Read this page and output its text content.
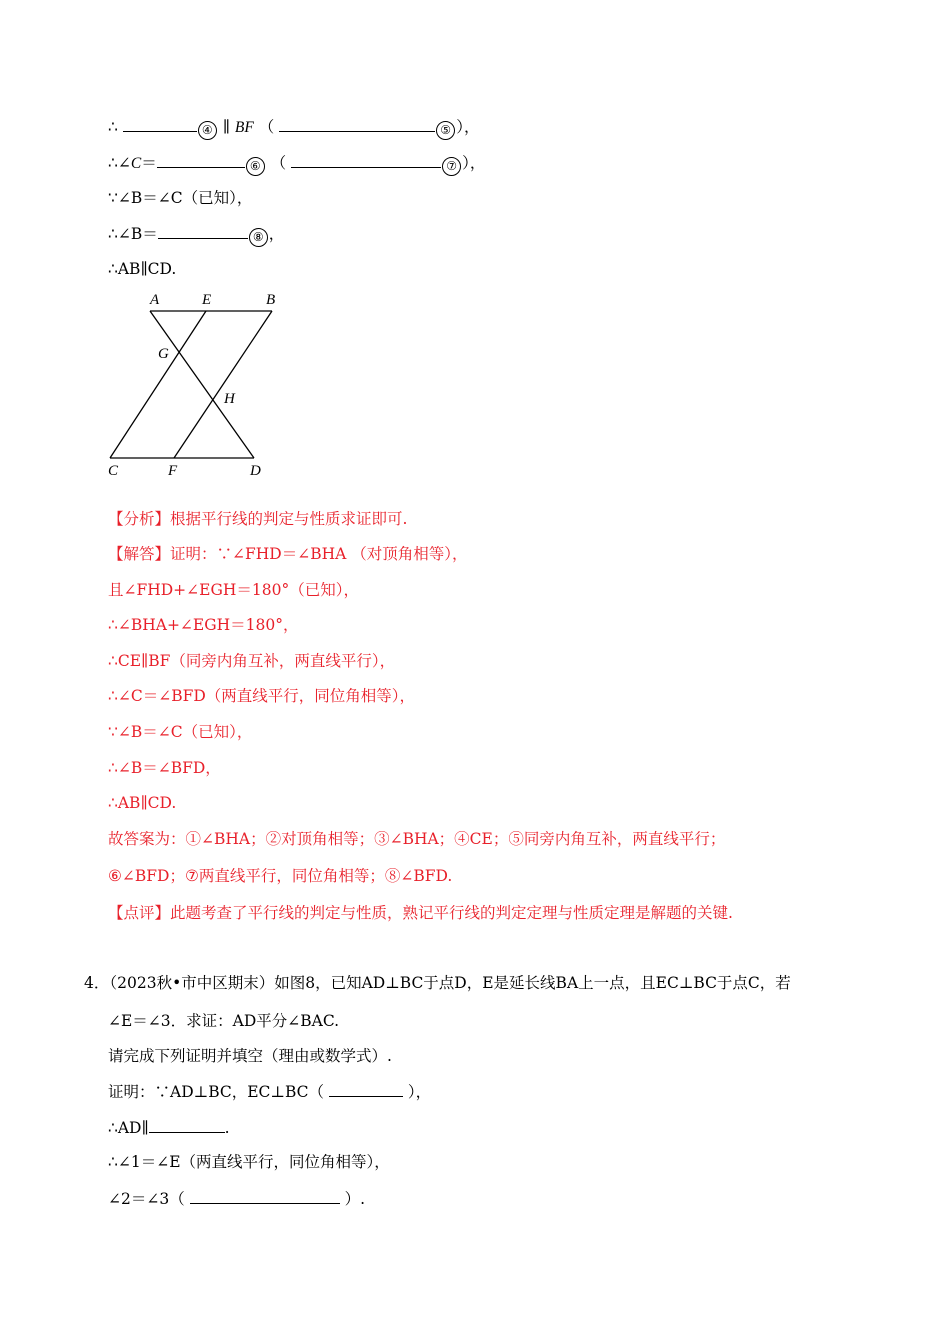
∴	④ ∥ BF （	⑤ ），
∴∠C＝	⑥ （	⑦ ），
∵∠B＝∠C（已知），
∴∠B＝	⑧ ，
∴AB∥CD.
A	E	B
G
H
C	F	D
【分析】根据平行线的判定与性质求证即可.
【解答】证明：∵∠FHD＝∠BHA （对顶角相等），
且∠FHD+∠EGH＝180°（已知），
∴∠BHA+∠EGH＝180°，
∴CE∥BF（同旁内角互补，两直线平行），
∴∠C＝∠BFD（两直线平行，同位角相等），
∵∠B＝∠C（已知），
∴∠B＝∠BFD，
∴AB∥CD.
故答案为：①∠BHA；②对顶角相等；③∠BHA；④CE；⑤同旁内角互补，两直线平行；
⑥∠BFD；⑦两直线平行，同位角相等；⑧∠BFD.
【点评】此题考查了平行线的判定与性质，熟记平行线的判定定理与性质定理是解题的关键.
4．（2023秋•市中区期末）如图8，已知AD⊥BC于点D，E是延长线BA上一点，且EC⊥BC于点C，若
∠E＝∠3．求证：AD平分∠BAC.
请完成下列证明并填空（理由或数学式）.
证明：∵AD⊥BC，EC⊥BC（	），
∴AD∥	.
∴∠1＝∠E（两直线平行，同位角相等），
∠2＝∠3（	）.
